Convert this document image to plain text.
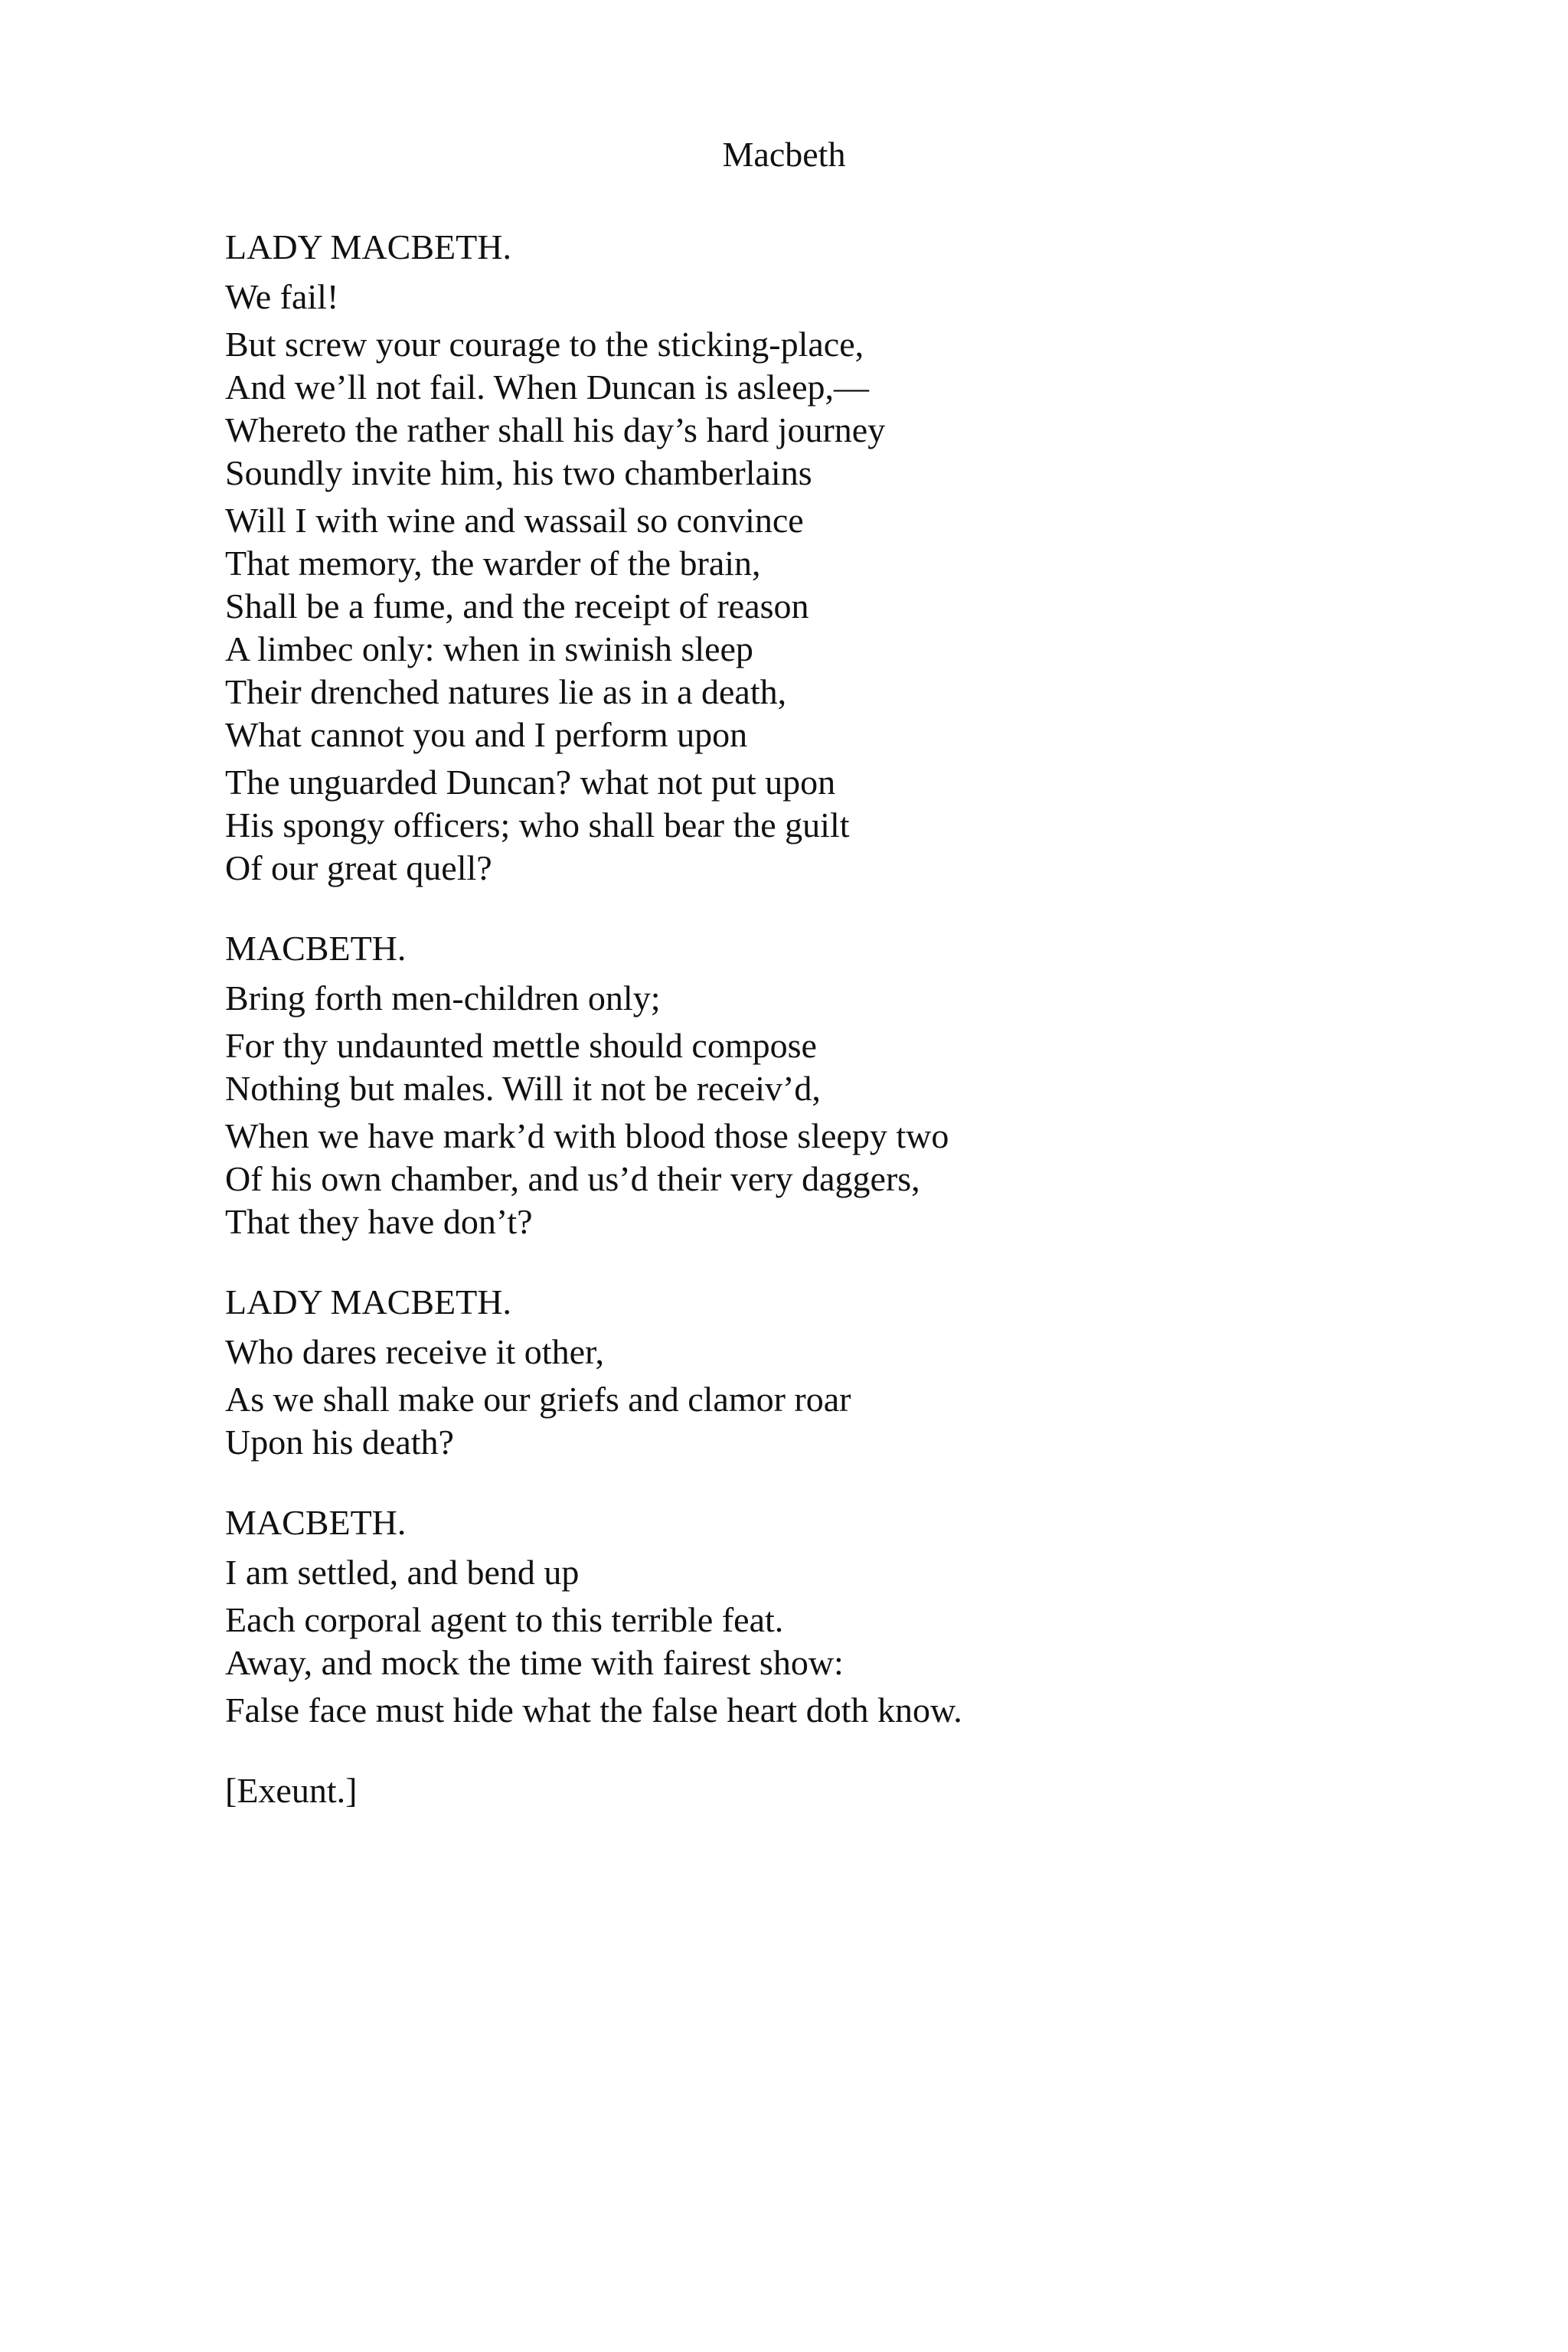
Macbeth
LADY MACBETH.
We fail!
But screw your courage to the sticking-place,
And we’ll not fail. When Duncan is asleep,—
Whereto the rather shall his day’s hard journey
Soundly invite him, his two chamberlains
Will I with wine and wassail so convince
That memory, the warder of the brain,
Shall be a fume, and the receipt of reason
A limbec only: when in swinish sleep
Their drenched natures lie as in a death,
What cannot you and I perform upon
The unguarded Duncan? what not put upon
His spongy officers; who shall bear the guilt
Of our great quell?
MACBETH.
Bring forth men-children only;
For thy undaunted mettle should compose
Nothing but males. Will it not be receiv’d,
When we have mark’d with blood those sleepy two
Of his own chamber, and us’d their very daggers,
That they have don’t?
LADY MACBETH.
Who dares receive it other,
As we shall make our griefs and clamor roar
Upon his death?
MACBETH.
I am settled, and bend up
Each corporal agent to this terrible feat.
Away, and mock the time with fairest show:
False face must hide what the false heart doth know.
[Exeunt.]
